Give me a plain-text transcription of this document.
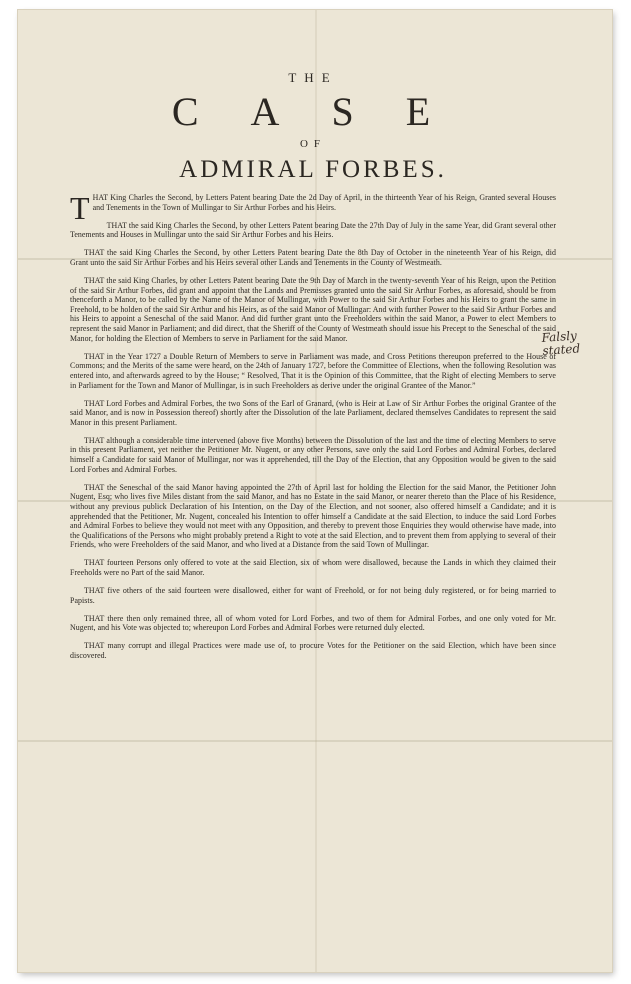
THE
CASE
OF
ADMIRAL FORBES.

THAT King Charles the Second, by Letters Patent bearing Date the 2d Day of April, in the thirteenth Year of his Reign, Granted several Houses and Tenements in the Town of Mullingar to Sir Arthur Forbes and his Heirs.

THAT the said King Charles the Second, by other Letters Patent bearing Date the 27th Day of July in the same Year, did Grant several other Tenements and Houses in Mullingar unto the said Sir Arthur Forbes and his Heirs.

THAT the said King Charles the Second, by other Letters Patent bearing Date the 8th Day of October in the nineteenth Year of his Reign, did Grant unto the said Sir Arthur Forbes and his Heirs several other Lands and Tenements in the County of Westmeath.

THAT the said King Charles, by other Letters Patent bearing Date the 9th Day of March in the twenty-seventh Year of his Reign, upon the Petition of the said Sir Arthur Forbes, did grant and appoint that the Lands and Premisses granted unto the said Sir Arthur Forbes, as aforesaid, should be from thenceforth a Manor, to be called by the Name of the Manor of Mullingar, with Power to the said Sir Arthur Forbes and his Heirs to grant the same in Freehold, to be holden of the said Sir Arthur and his Heirs, as of the said Manor of Mullingar: And with further Power to the said Sir Arthur Forbes and his Heirs to appoint a Seneschal of the said Manor. And did further grant unto the Freeholders within the said Manor, a Power to elect Members to represent the said Manor in Parliament; and did direct, that the Sheriff of the County of Westmeath should issue his Precept to the Seneschal of the said Manor, for holding the Election of Members to serve in Parliament for the said Manor.

THAT in the Year 1727 a Double Return of Members to serve in Parliament was made, and Cross Petitions thereupon preferred to the House of Commons; and the Merits of the same were heard, on the 24th of January 1727, before the Committee of Elections, when the following Resolution was entered into, and afterwards agreed to by the House; “ Resolved, That it is the Opinion of this Committee, that the Right of electing Members to serve in Parliament for the Town and Manor of Mullingar, is in such Freeholders as derive under the original Grantee of the Manor.”

THAT Lord Forbes and Admiral Forbes, the two Sons of the Earl of Granard, (who is Heir at Law of Sir Arthur Forbes the original Grantee of the said Manor, and is now in Possession thereof) shortly after the Dissolution of the late Parliament, declared themselves Candidates to represent the said Manor in this present Parliament.

THAT although a considerable time intervened (above five Months) between the Dissolution of the last and the time of electing Members to serve in this present Parliament, yet neither the Petitioner Mr. Nugent, or any other Persons, save only the said Lord Forbes and Admiral Forbes, declared himself a Candidate for said Manor of Mullingar, nor was it apprehended, till the Day of the Election, that any Opposition would be given to the said Lord Forbes and Admiral Forbes.

THAT the Seneschal of the said Manor having appointed the 27th of April last for holding the Election for the said Manor, the Petitioner John Nugent, Esq; who lives five Miles distant from the said Manor, and has no Estate in the said Manor, or nearer thereto than the Place of his Residence, without any previous publick Declaration of his Intention, on the Day of the Election, and not sooner, also offered himself a Candidate; and it is apprehended that the Petitioner, Mr. Nugent, concealed his Intention to offer himself a Candidate at the said Election, to induce the said Lord Forbes and Admiral Forbes to believe they would not meet with any Opposition, and thereby to prevent those Enquiries they would otherwise have made, into the Qualifications of the Persons who might probably pretend a Right to vote at the said Election, and to prevent them from applying to several of their Friends, who were Freeholders of the said Manor, and who lived at a Distance from the said Town of Mullingar.

THAT fourteen Persons only offered to vote at the said Election, six of whom were disallowed, because the Lands in which they claimed their Freeholds were no Part of the said Manor.

THAT five others of the said fourteen were disallowed, either for want of Freehold, or for not being duly registered, or for being married to Papists.

THAT there then only remained three, all of whom voted for Lord Forbes, and two of them for Admiral Forbes, and one only voted for Mr. Nugent, and his Vote was objected to; whereupon Lord Forbes and Admiral Forbes were returned duly elected.

THAT many corrupt and illegal Practices were made use of, to procure Votes for the Petitioner on the said Election, which have been since discovered.

Falsly
stated
